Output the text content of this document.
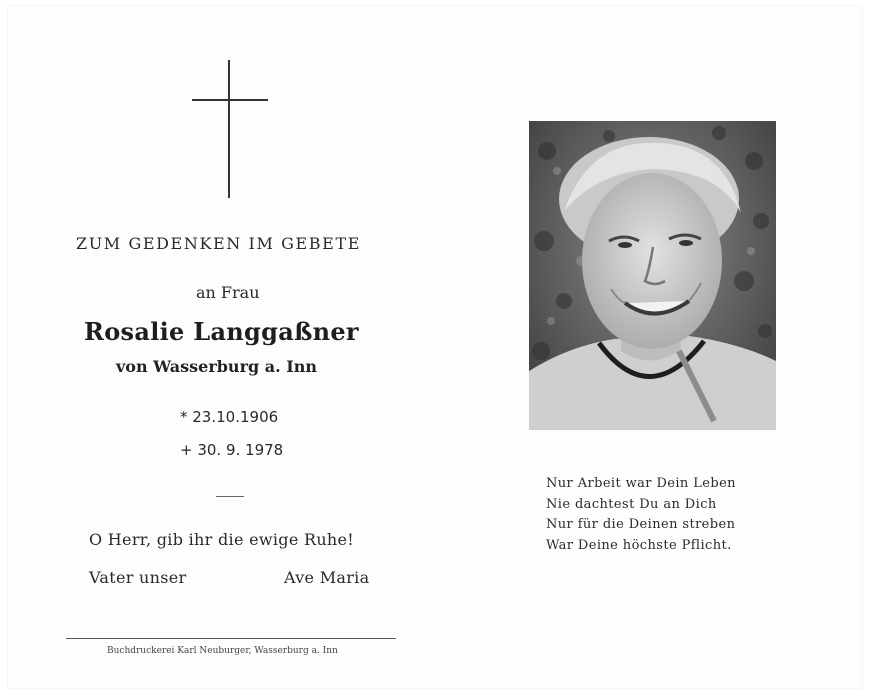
ZUM GEDENKEN IM GEBETE
an Frau
Rosalie Langgaßner
von Wasserburg a. Inn
* 23.10.1906
+ 30. 9. 1978
O Herr, gib ihr die ewige Ruhe!
Vater unser	Ave Maria
Buchdruckerei Karl Neuburger, Wasserburg a. Inn
Nur Arbeit war Dein Leben
Nie dachtest Du an Dich
Nur für die Deinen streben
War Deine höchste Pflicht.
